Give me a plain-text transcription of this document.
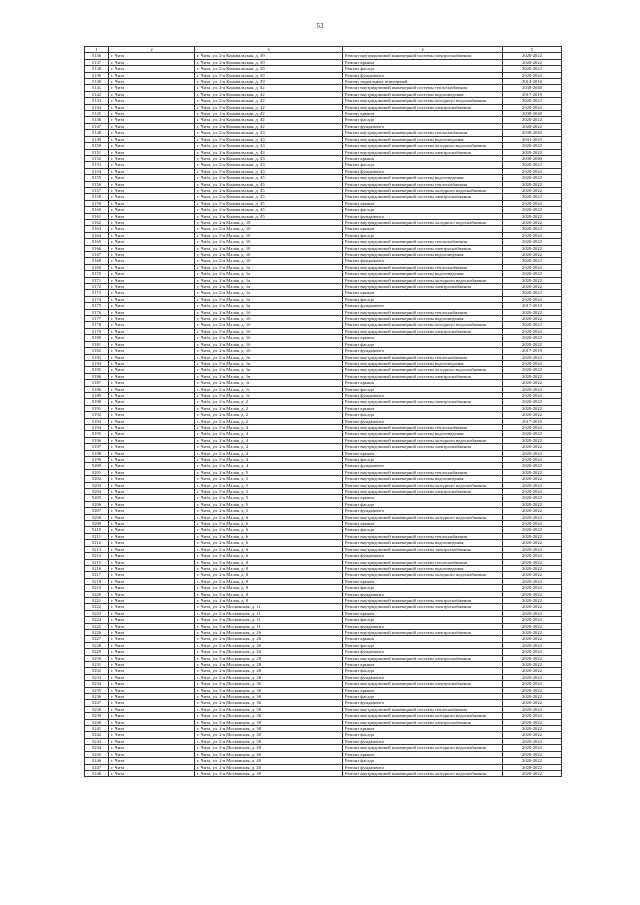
53
1	2	3	4	5
5136	г. Чита	г. Чита, ул. 2-я Коновальская, д. 39	Ремонт внутридомовой инженерной системы электроснабжения	2020-2022
5137	г. Чита	г. Чита, ул. 2-я Коновальская, д. 39	Ремонт крыши	2020-2022
5138	г. Чита	г. Чита, ул. 2-я Коновальская, д. 39	Ремонт фасада	2020-2022
5139	г. Чита	г. Чита, ул. 2-я Коновальская, д. 39	Ремонт фундамента	2020-2022
5140	г. Чита	г. Чита, ул. 2-я Коновальская, д. 39	Ремонт подвальных помещений	2014-2016
5141	г. Чита	г. Чита, ул. 2-я Коновальская, д. 42	Ремонт внутридомовой инженерной системы теплоснабжения	2038-2040
5142	г. Чита	г. Чита, ул. 2-я Коновальская, д. 42	Ремонт внутридомовой инженерной системы водоотведения	2017-2019
5143	г. Чита	г. Чита, ул. 2-я Коновальская, д. 42	Ремонт внутридомовой инженерной системы холодного водоснабжения	2020-2022
5144	г. Чита	г. Чита, ул. 2-я Коновальская, д. 42	Ремонт внутридомовой инженерной системы электроснабжения	2020-2022
5145	г. Чита	г. Чита, ул. 2-я Коновальская, д. 42	Ремонт крыши	2038-2040
5146	г. Чита	г. Чита, ул. 2-я Коновальская, д. 42	Ремонт фасада	2020-2022
5147	г. Чита	г. Чита, ул. 2-я Коновальская, д. 42	Ремонт фундамента	2020-2022
5148	г. Чита	г. Чита, ул. 2-я Коновальская, д. 43	Ремонт внутридомовой инженерной системы теплоснабжения	2038-2040
5149	г. Чита	г. Чита, ул. 2-я Коновальская, д. 43	Ремонт внутридомовой инженерной системы водоотведения	2041-2043
5150	г. Чита	г. Чита, ул. 2-я Коновальская, д. 43	Ремонт внутридомовой инженерной системы холодного водоснабжения	2020-2022
5151	г. Чита	г. Чита, ул. 2-я Коновальская, д. 43	Ремонт внутридомовой инженерной системы электроснабжения	2020-2022
5152	г. Чита	г. Чита, ул. 2-я Коновальская, д. 43	Ремонт крыши	2038-2040
5153	г. Чита	г. Чита, ул. 2-я Коновальская, д. 43	Ремонт фасада	2020-2022
5154	г. Чита	г. Чита, ул. 2-я Коновальская, д. 43	Ремонт фундамента	2020-2022
5155	г. Чита	г. Чита, ул. 2-я Коновальская, д. 45	Ремонт внутридомовой инженерной системы водоотведения	2020-2022
5156	г. Чита	г. Чита, ул. 2-я Коновальская, д. 45	Ремонт внутридомовой инженерной системы теплоснабжения	2020-2022
5157	г. Чита	г. Чита, ул. 2-я Коновальская, д. 45	Ремонт внутридомовой инженерной системы холодного водоснабжения	2020-2022
5158	г. Чита	г. Чита, ул. 2-я Коновальская, д. 45	Ремонт внутридомовой инженерной системы электроснабжения	2020-2022
5159	г. Чита	г. Чита, ул. 2-я Коновальская, д. 45	Ремонт крыши	2020-2022
5160	г. Чита	г. Чита, ул. 2-я Коновальская, д. 45	Ремонт фасада	2020-2022
5161	г. Чита	г. Чита, ул. 2-я Коновальская, д. 45	Ремонт фундамента	2020-2022
5162	г. Чита	г. Чита, ул. 2-я Малая, д. 10	Ремонт внутридомовой инженерной системы холодного водоснабжения	2020-2022
5163	г. Чита	г. Чита, ул. 2-я Малая, д. 10	Ремонт крыши	2020-2022
5164	г. Чита	г. Чита, ул. 2-я Малая, д. 10	Ремонт фасада	2020-2022
5165	г. Чита	г. Чита, ул. 2-я Малая, д. 10	Ремонт внутридомовой инженерной системы теплоснабжения	2020-2022
5166	г. Чита	г. Чита, ул. 2-я Малая, д. 10	Ремонт внутридомовой инженерной системы электроснабжения	2020-2022
5167	г. Чита	г. Чита, ул. 2-я Малая, д. 10	Ремонт внутридомовой инженерной системы водоотведения	2020-2022
5168	г. Чита	г. Чита, ул. 2-я Малая, д. 10	Ремонт фундамента	2020-2022
5169	г. Чита	г. Чита, ул. 2-я Малая, д. 1а	Ремонт внутридомовой инженерной системы теплоснабжения	2020-2022
5170	г. Чита	г. Чита, ул. 2-я Малая, д. 1а	Ремонт внутридомовой инженерной системы водоотведения	2020-2022
5171	г. Чита	г. Чита, ул. 2-я Малая, д. 1а	Ремонт внутридомовой инженерной системы холодного водоснабжения	2020-2022
5172	г. Чита	г. Чита, ул. 2-я Малая, д. 1а	Ремонт внутридомовой инженерной системы электроснабжения	2020-2022
5173	г. Чита	г. Чита, ул. 2-я Малая, д. 1а	Ремонт крыши	2020-2022
5174	г. Чита	г. Чита, ул. 2-я Малая, д. 1а	Ремонт фасада	2020-2022
5175	г. Чита	г. Чита, ул. 2-я Малая, д. 1а	Ремонт фундамента	2017-2019
5176	г. Чита	г. Чита, ул. 2-я Малая, д. 1б	Ремонт внутридомовой инженерной системы теплоснабжения	2020-2022
5177	г. Чита	г. Чита, ул. 2-я Малая, д. 1б	Ремонт внутридомовой инженерной системы водоотведения	2020-2022
5178	г. Чита	г. Чита, ул. 2-я Малая, д. 1б	Ремонт внутридомовой инженерной системы холодного водоснабжения	2020-2022
5179	г. Чита	г. Чита, ул. 2-я Малая, д. 1б	Ремонт внутридомовой инженерной системы электроснабжения	2020-2022
5180	г. Чита	г. Чита, ул. 2-я Малая, д. 1б	Ремонт крыши	2020-2022
5181	г. Чита	г. Чита, ул. 2-я Малая, д. 1б	Ремонт фасада	2020-2022
5182	г. Чита	г. Чита, ул. 2-я Малая, д. 1б	Ремонт фундамента	2017-2019
5183	г. Чита	г. Чита, ул. 2-я Малая, д. 1в	Ремонт внутридомовой инженерной системы теплоснабжения	2020-2022
5184	г. Чита	г. Чита, ул. 2-я Малая, д. 1в	Ремонт внутридомовой инженерной системы водоотведения	2020-2022
5185	г. Чита	г. Чита, ул. 2-я Малая, д. 1в	Ремонт внутридомовой инженерной системы холодного водоснабжения	2020-2022
5186	г. Чита	г. Чита, ул. 2-я Малая, д. 1в	Ремонт внутридомовой инженерной системы электроснабжения	2020-2022
5187	г. Чита	г. Чита, ул. 2-я Малая, д. 1г	Ремонт крыши	2020-2022
5188	г. Чита	г. Чита, ул. 2-я Малая, д. 1г	Ремонт фасада	2020-2022
5189	г. Чита	г. Чита, ул. 2-я Малая, д. 1г	Ремонт фундамента	2020-2022
5190	г. Чита	г. Чита, ул. 2-я Малая, д. 2	Ремонт внутридомовой инженерной системы электроснабжения	2020-2022
5191	г. Чита	г. Чита, ул. 2-я Малая, д. 2	Ремонт крыши	2020-2022
5192	г. Чита	г. Чита, ул. 2-я Малая, д. 2	Ремонт фасада	2020-2022
5193	г. Чита	г. Чита, ул. 2-я Малая, д. 2	Ремонт фундамента	2017-2019
5194	г. Чита	г. Чита, ул. 2-я Малая, д. 4	Ремонт внутридомовой инженерной системы теплоснабжения	2020-2022
5195	г. Чита	г. Чита, ул. 2-я Малая, д. 4	Ремонт внутридомовой инженерной системы водоотведения	2020-2022
5196	г. Чита	г. Чита, ул. 2-я Малая, д. 4	Ремонт внутридомовой инженерной системы холодного водоснабжения	2020-2022
5197	г. Чита	г. Чита, ул. 2-я Малая, д. 4	Ремонт внутридомовой инженерной системы электроснабжения	2020-2022
5198	г. Чита	г. Чита, ул. 2-я Малая, д. 4	Ремонт крыши	2020-2022
5199	г. Чита	г. Чита, ул. 2-я Малая, д. 4	Ремонт фасада	2020-2022
5200	г. Чита	г. Чита, ул. 2-я Малая, д. 4	Ремонт фундамента	2020-2022
5201	г. Чита	г. Чита, ул. 2-я Малая, д. 5	Ремонт внутридомовой инженерной системы теплоснабжения	2020-2022
5202	г. Чита	г. Чита, ул. 2-я Малая, д. 5	Ремонт внутридомовой инженерной системы водоотведения	2020-2022
5203	г. Чита	г. Чита, ул. 2-я Малая, д. 5	Ремонт внутридомовой инженерной системы холодного водоснабжения	2020-2022
5204	г. Чита	г. Чита, ул. 2-я Малая, д. 5	Ремонт внутридомовой инженерной системы электроснабжения	2020-2022
5205	г. Чита	г. Чита, ул. 2-я Малая, д. 5	Ремонт крыши	2020-2022
5206	г. Чита	г. Чита, ул. 2-я Малая, д. 5	Ремонт фасада	2020-2022
5207	г. Чита	г. Чита, ул. 2-я Малая, д. 5	Ремонт фундамента	2020-2022
5208	г. Чита	г. Чита, ул. 2-я Малая, д. 6	Ремонт внутридомовой инженерной системы холодного водоснабжения	2020-2022
5209	г. Чита	г. Чита, ул. 2-я Малая, д. 6	Ремонт крыши	2020-2022
5210	г. Чита	г. Чита, ул. 2-я Малая, д. 6	Ремонт фасада	2020-2022
5211	г. Чита	г. Чита, ул. 2-я Малая, д. 6	Ремонт внутридомовой инженерной системы теплоснабжения	2020-2022
5212	г. Чита	г. Чита, ул. 2-я Малая, д. 6	Ремонт внутридомовой инженерной системы водоотведения	2020-2022
5213	г. Чита	г. Чита, ул. 2-я Малая, д. 6	Ремонт внутридомовой инженерной системы электроснабжения	2020-2022
5214	г. Чита	г. Чита, ул. 2-я Малая, д. 6	Ремонт фундамента	2020-2022
5215	г. Чита	г. Чита, ул. 2-я Малая, д. 8	Ремонт внутридомовой инженерной системы теплоснабжения	2020-2022
5216	г. Чита	г. Чита, ул. 2-я Малая, д. 8	Ремонт внутридомовой инженерной системы водоотведения	2020-2022
5217	г. Чита	г. Чита, ул. 2-я Малая, д. 8	Ремонт внутридомовой инженерной системы холодного водоснабжения	2020-2022
5218	г. Чита	г. Чита, ул. 2-я Малая, д. 8	Ремонт крыши	2020-2022
5219	г. Чита	г. Чита, ул. 2-я Малая, д. 8	Ремонт фасада	2020-2022
5220	г. Чита	г. Чита, ул. 2-я Малая, д. 8	Ремонт фундамента	2020-2022
5221	г. Чита	г. Чита, ул. 2-я Малая, д. 8	Ремонт внутридомовой инженерной системы электроснабжения	2020-2022
5222	г. Чита	г. Чита, ул. 2-я Московская, д. 11	Ремонт внутридомовой инженерной системы электроснабжения	2020-2022
5223	г. Чита	г. Чита, ул. 2-я Московская, д. 11	Ремонт крыши	2020-2022
5224	г. Чита	г. Чита, ул. 2-я Московская, д. 11	Ремонт фасада	2020-2022
5225	г. Чита	г. Чита, ул. 2-я Московская, д. 11	Ремонт фундамента	2020-2022
5226	г. Чита	г. Чита, ул. 2-я Московская, д. 26	Ремонт внутридомовой инженерной системы электроснабжения	2020-2022
5227	г. Чита	г. Чита, ул. 2-я Московская, д. 26	Ремонт крыши	2020-2022
5228	г. Чита	г. Чита, ул. 2-я Московская, д. 26	Ремонт фасада	2020-2022
5229	г. Чита	г. Чита, ул. 2-я Московская, д. 26	Ремонт фундамента	2020-2022
5230	г. Чита	г. Чита, ул. 2-я Московская, д. 28	Ремонт внутридомовой инженерной системы электроснабжения	2020-2022
5231	г. Чита	г. Чита, ул. 2-я Московская, д. 28	Ремонт крыши	2020-2022
5232	г. Чита	г. Чита, ул. 2-я Московская, д. 28	Ремонт фасада	2020-2022
5233	г. Чита	г. Чита, ул. 2-я Московская, д. 28	Ремонт фундамента	2020-2022
5234	г. Чита	г. Чита, ул. 2-я Московская, д. 36	Ремонт внутридомовой инженерной системы электроснабжения	2020-2022
5235	г. Чита	г. Чита, ул. 2-я Московская, д. 36	Ремонт крыши	2020-2022
5236	г. Чита	г. Чита, ул. 2-я Московская, д. 36	Ремонт фасада	2020-2022
5237	г. Чита	г. Чита, ул. 2-я Московская, д. 36	Ремонт фундамента	2020-2022
5238	г. Чита	г. Чита, ул. 2-я Московская, д. 38	Ремонт внутридомовой инженерной системы теплоснабжения	2020-2022
5239	г. Чита	г. Чита, ул. 2-я Московская, д. 38	Ремонт внутридомовой инженерной системы холодного водоснабжения	2020-2022
5240	г. Чита	г. Чита, ул. 2-я Московская, д. 38	Ремонт внутридомовой инженерной системы электроснабжения	2020-2022
5241	г. Чита	г. Чита, ул. 2-я Московская, д. 38	Ремонт крыши	2020-2022
5242	г. Чита	г. Чита, ул. 2-я Московская, д. 38	Ремонт фасада	2020-2022
5243	г. Чита	г. Чита, ул. 2-я Московская, д. 38	Ремонт фундамента	2020-2022
5244	г. Чита	г. Чита, ул. 2-я Московская, д. 40	Ремонт внутридомовой инженерной системы холодного водоснабжения	2020-2022
5245	г. Чита	г. Чита, ул. 2-я Московская, д. 40	Ремонт крыши	2020-2022
5246	г. Чита	г. Чита, ул. 2-я Московская, д. 40	Ремонт фасада	2020-2022
5247	г. Чита	г. Чита, ул. 2-я Московская, д. 40	Ремонт фундамента	2020-2022
5248	г. Чита	г. Чита, ул. 2-я Московская, д. 40	Ремонт внутридомовой инженерной системы холодного водоснабжения	2020-2022
